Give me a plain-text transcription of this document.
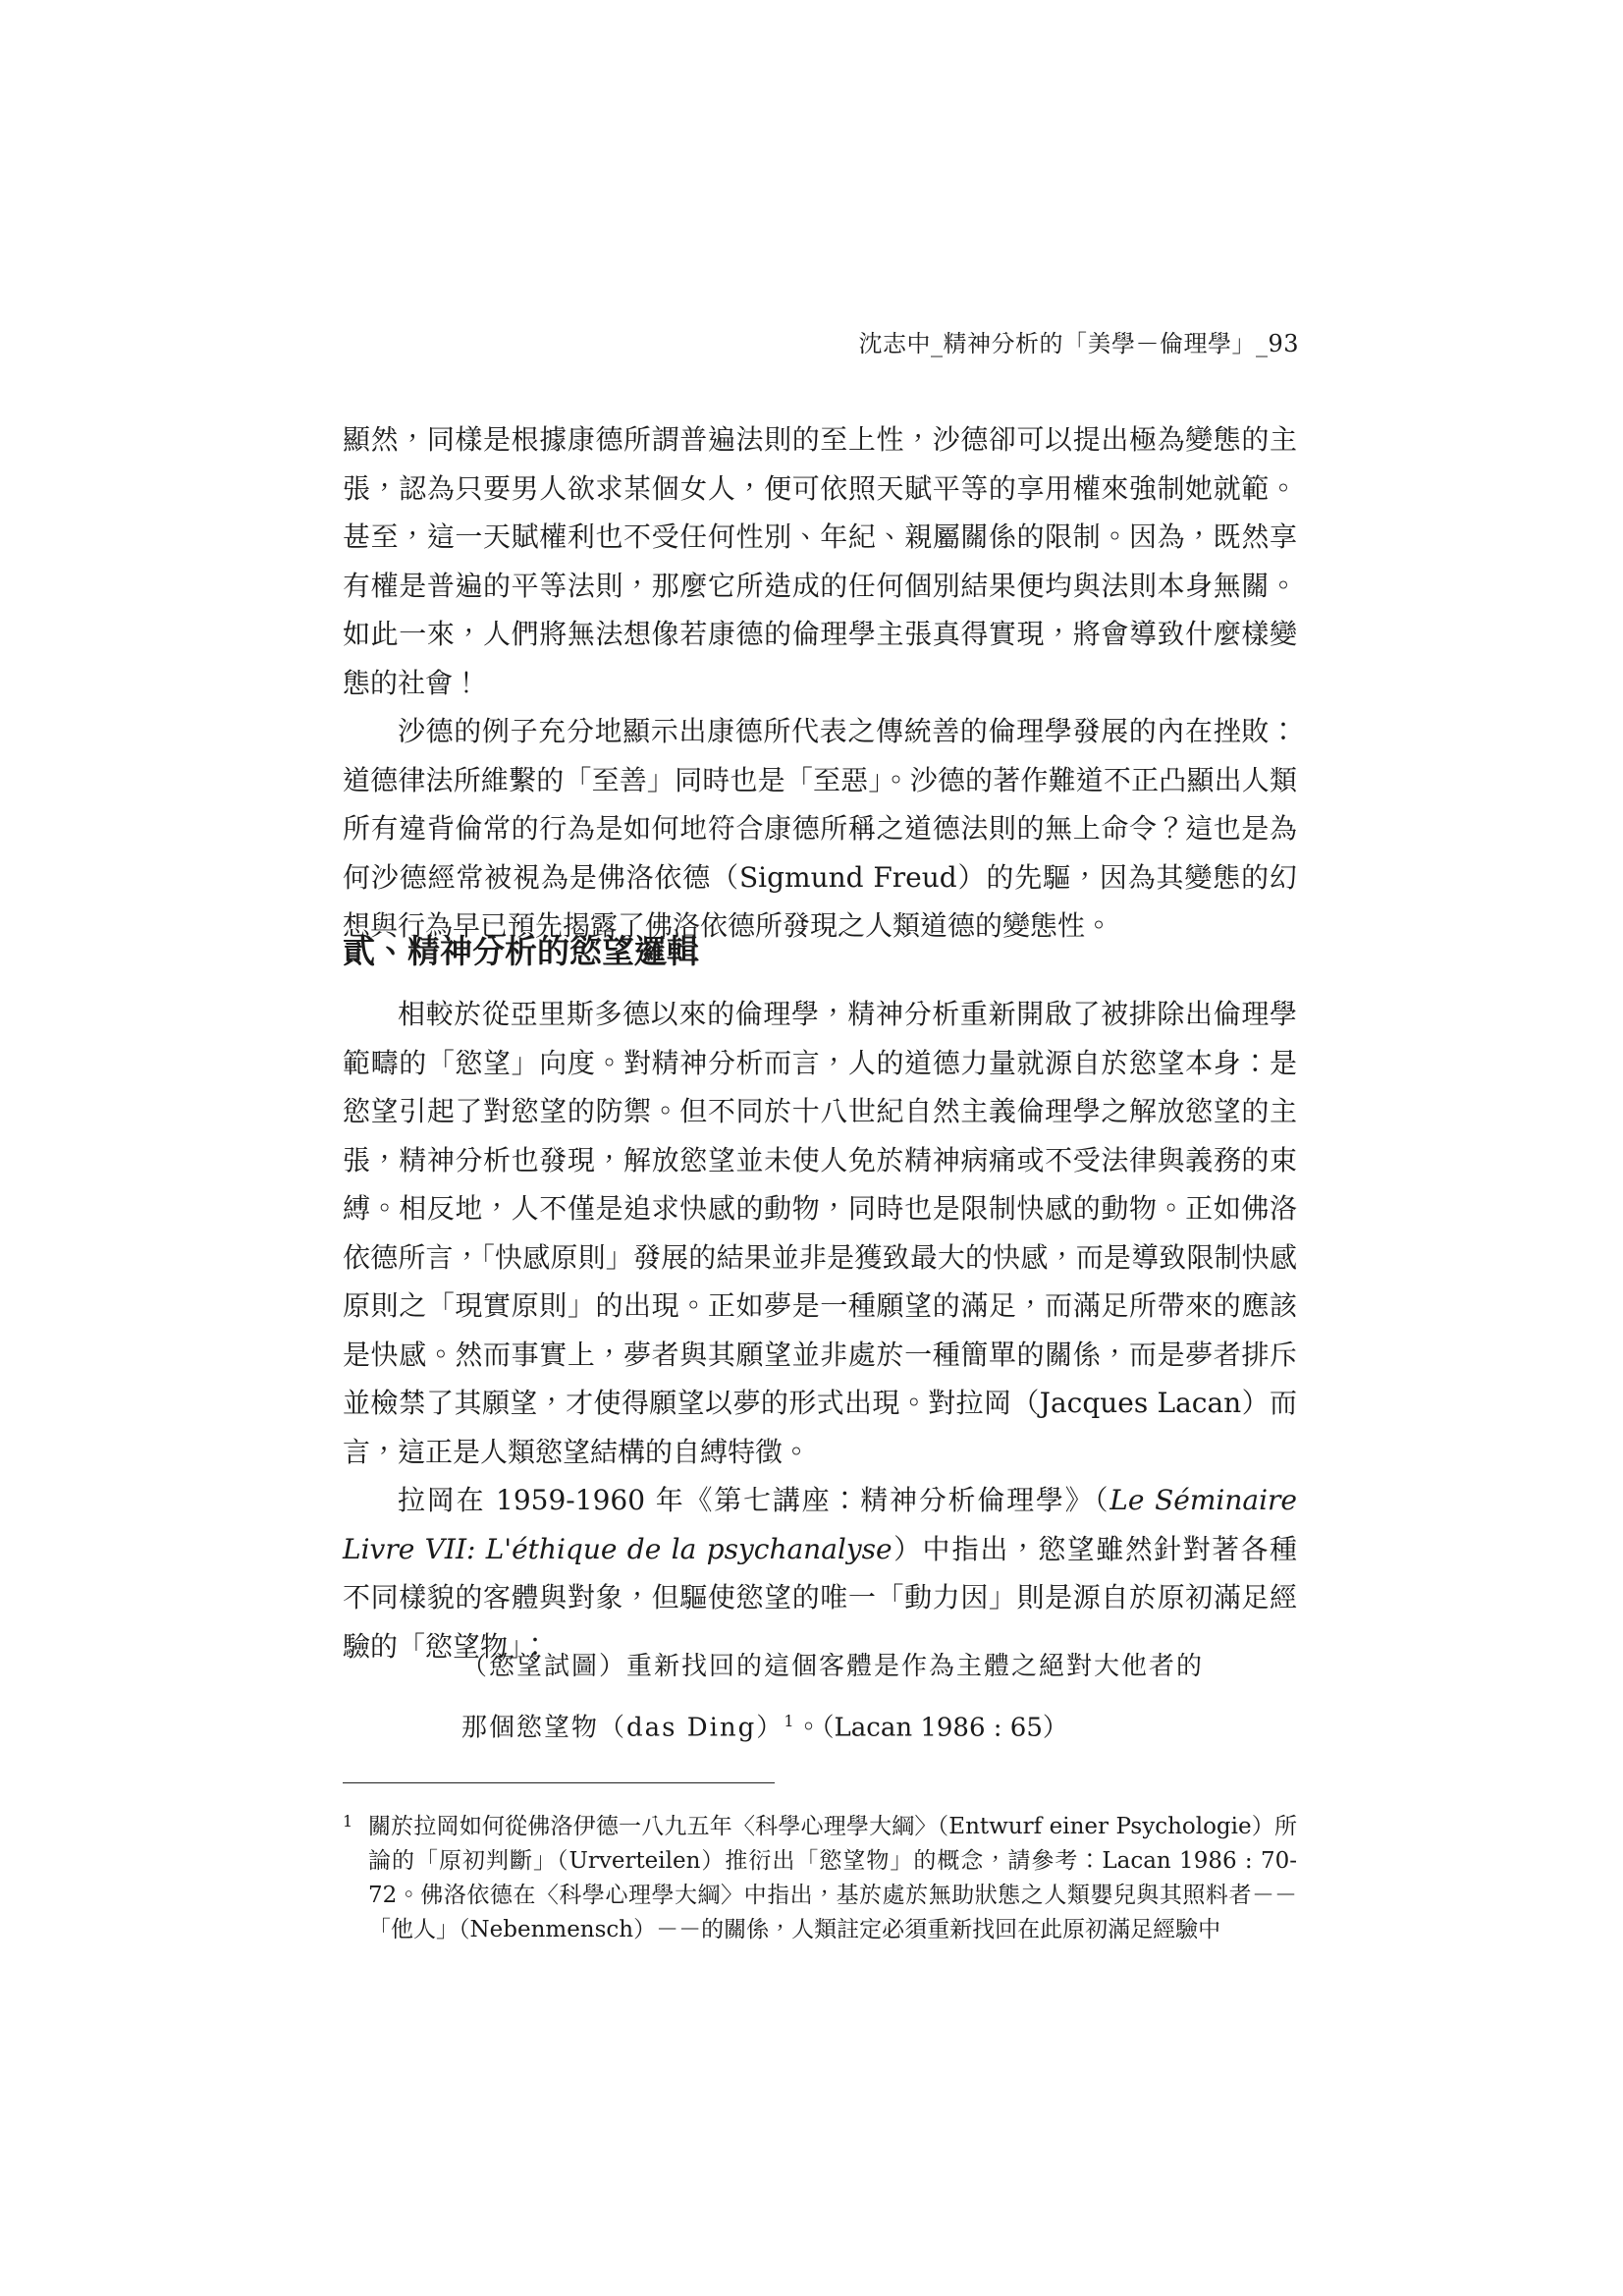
沈志中_精神分析的「美學－倫理學」_93

顯然，同樣是根據康德所謂普遍法則的至上性，沙德卻可以提出極為變態的主張，認為只要男人欲求某個女人，便可依照天賦平等的享用權來強制她就範。甚至，這一天賦權利也不受任何性別、年紀、親屬關係的限制。因為，既然享有權是普遍的平等法則，那麼它所造成的任何個別結果便均與法則本身無關。如此一來，人們將無法想像若康德的倫理學主張真得實現，將會導致什麼樣變態的社會！

沙德的例子充分地顯示出康德所代表之傳統善的倫理學發展的內在挫敗：道德律法所維繫的「至善」同時也是「至惡」。沙德的著作難道不正凸顯出人類所有違背倫常的行為是如何地符合康德所稱之道德法則的無上命令？這也是為何沙德經常被視為是佛洛依德（Sigmund Freud）的先驅，因為其變態的幻想與行為早已預先揭露了佛洛依德所發現之人類道德的變態性。

貳、精神分析的慾望邏輯

相較於從亞里斯多德以來的倫理學，精神分析重新開啟了被排除出倫理學範疇的「慾望」向度。對精神分析而言，人的道德力量就源自於慾望本身：是慾望引起了對慾望的防禦。但不同於十八世紀自然主義倫理學之解放慾望的主張，精神分析也發現，解放慾望並未使人免於精神病痛或不受法律與義務的束縛。相反地，人不僅是追求快感的動物，同時也是限制快感的動物。正如佛洛依德所言，「快感原則」發展的結果並非是獲致最大的快感，而是導致限制快感原則之「現實原則」的出現。正如夢是一種願望的滿足，而滿足所帶來的應該是快感。然而事實上，夢者與其願望並非處於一種簡單的關係，而是夢者排斥並檢禁了其願望，才使得願望以夢的形式出現。對拉岡（Jacques Lacan）而言，這正是人類慾望結構的自縛特徵。

拉岡在 1959-1960 年《第七講座：精神分析倫理學》（Le Séminaire　Livre VII: L'éthique de la psychanalyse）中指出，慾望雖然針對著各種不同樣貌的客體與對象，但驅使慾望的唯一「動力因」則是源自於原初滿足經驗的「慾望物」：

（慾望試圖）重新找回的這個客體是作為主體之絕對大他者的
那個慾望物（das Ding）$^1$。（Lacan 1986 : 65）
1 關於拉岡如何從佛洛伊德一八九五年〈科學心理學大綱〉（Entwurf einer Psychologie）所論的「原初判斷」（Urverteilen）推衍出「慾望物」的概念，請參考：Lacan 1986 : 70-72。佛洛依德在〈科學心理學大綱〉中指出，基於處於無助狀態之人類嬰兒與其照料者－－「他人」（Nebenmensch）－－的關係，人類註定必須重新找回在此原初滿足經驗中
